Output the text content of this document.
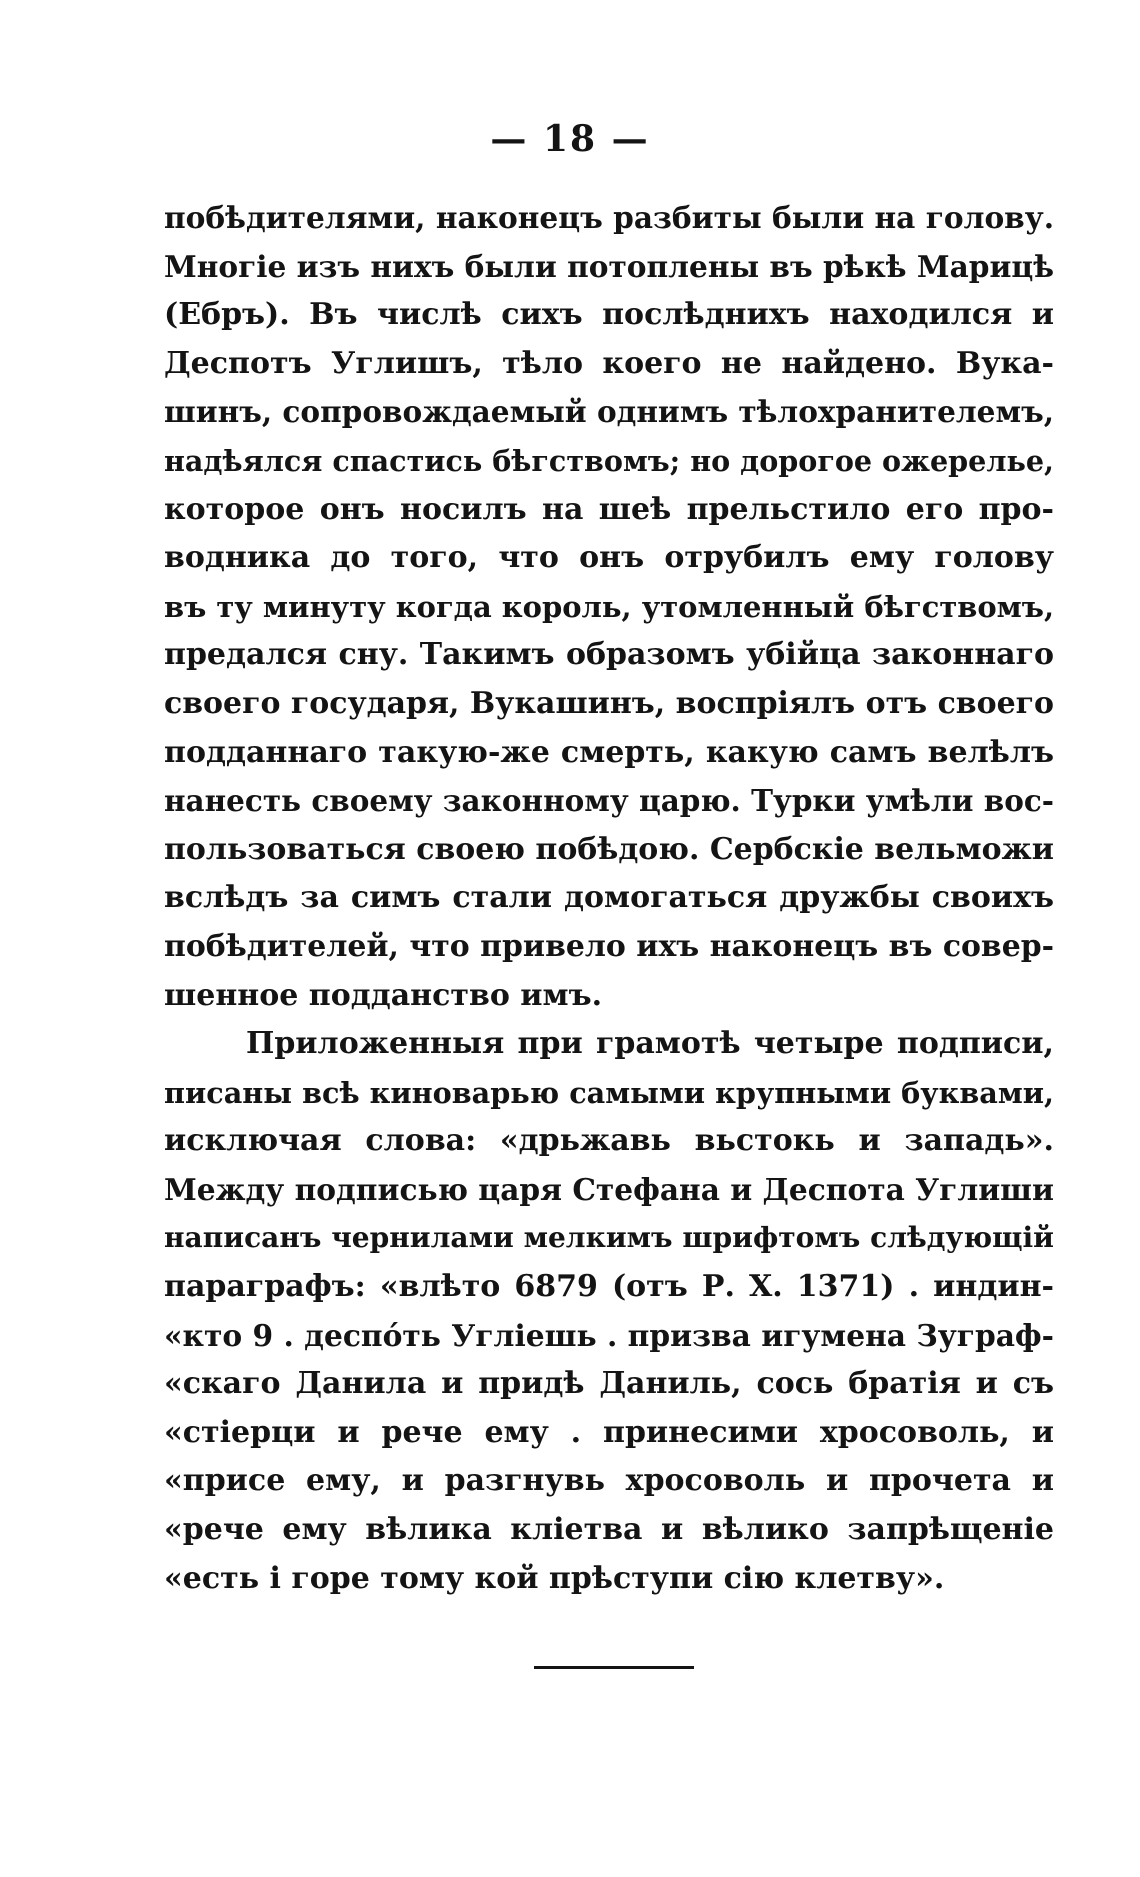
— 18 —

побѣдителями, наконецъ разбиты были на голову.
Многіе изъ нихъ были потоплены въ рѣкѣ Марицѣ
(Ебръ). Въ числѣ сихъ послѣднихъ находился и
Деспотъ Углишъ, тѣло коего не найдено. Вука-
шинъ, сопровождаемый однимъ тѣлохранителемъ,
надѣялся спастись бѣгствомъ; но дорогое ожерелье,
которое онъ носилъ на шеѣ прельстило его про-
водника до того, что онъ отрубилъ ему голову
въ ту минуту когда король, утомленный бѣгствомъ,
предался сну. Такимъ образомъ убійца законнаго
своего государя, Вукашинъ, воспріялъ отъ своего
подданнаго такую-же смерть, какую самъ велѣлъ
нанесть своему законному царю. Турки умѣли вос-
пользоваться своею побѣдою. Сербскіе вельможи
вслѣдъ за симъ стали домогаться дружбы своихъ
побѣдителей, что привело ихъ наконецъ въ совер-
шенное подданство имъ.
Приложенныя при грамотѣ четыре подписи,
писаны всѣ киноварью самыми крупными буквами,
исключая слова: «дрьжавь вьстокь и западь».
Между подписью царя Стефана и Деспота Углиши
написанъ чернилами мелкимъ шрифтомъ слѣдующій
параграфъ: «влѣто 6879 (отъ Р. Х. 1371) . индин-
«кто 9 . деспо́ть Угліешь . призва игумена Зуграф-
«скаго Данила и придѣ Даниль, сось братія и съ
«стіерци и рече ему . принесими хросоволь, и
«присе ему, и разгнувь хросоволь и прочета и
«рече ему вѣлика кліетва и вѣлико запрѣщеніе
«есть і горе тому кой прѣступи сію клетву».
